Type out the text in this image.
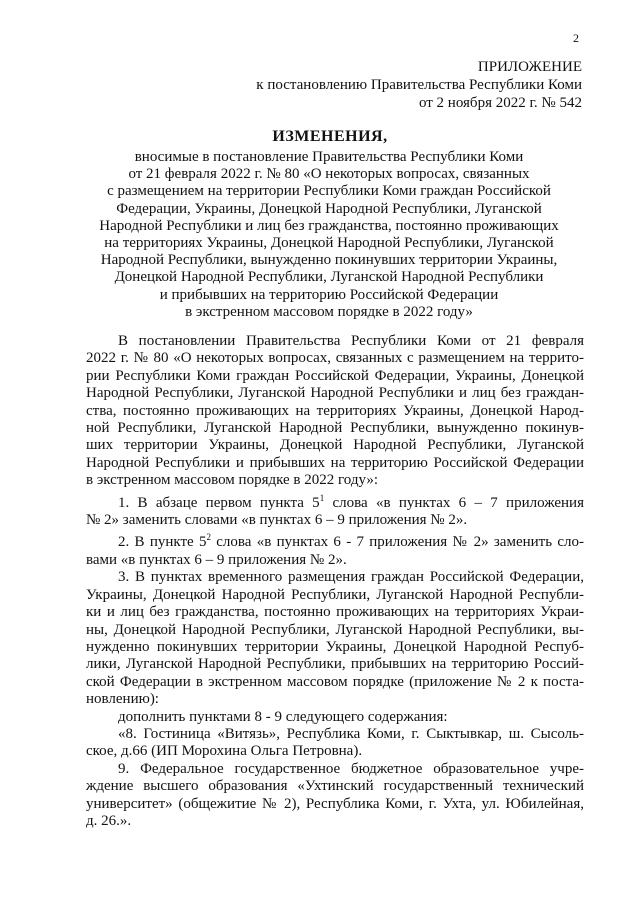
2
ПРИЛОЖЕНИЕ
к постановлению Правительства Республики Коми
от 2 ноября 2022 г. № 542
ИЗМЕНЕНИЯ,
вносимые в постановление Правительства Республики Коми
от 21 февраля 2022 г. № 80 «О некоторых вопросах, связанных
с размещением на территории Республики Коми граждан Российской
Федерации, Украины, Донецкой Народной Республики, Луганской
Народной Республики и лиц без гражданства, постоянно проживающих
на территориях Украины, Донецкой Народной Республики, Луганской
Народной Республики, вынужденно покинувших территории Украины,
Донецкой Народной Республики, Луганской Народной Республики
и прибывших на территорию Российской Федерации
в экстренном массовом порядке в 2022 году»
В постановлении Правительства Республики Коми от 21 февраля
2022 г. № 80 «О некоторых вопросах, связанных с размещением на террито-
рии Республики Коми граждан Российской Федерации, Украины, Донецкой
Народной Республики, Луганской Народной Республики и лиц без граждан-
ства, постоянно проживающих на территориях Украины, Донецкой Народ-
ной Республики, Луганской Народной Республики, вынужденно покинув-
ших территории Украины, Донецкой Народной Республики, Луганской
Народной Республики и прибывших на территорию Российской Федерации
в экстренном массовом порядке в 2022 году»:
1. В абзаце первом пункта $5^1$ слова «в пунктах 6 – 7 приложения
№ 2» заменить словами «в пунктах 6 – 9 приложения № 2».
2. В пункте $5^2$ слова «в пунктах 6 - 7 приложения № 2» заменить сло-
вами «в пунктах 6 – 9 приложения № 2».
3. В пунктах временного размещения граждан Российской Федерации,
Украины, Донецкой Народной Республики, Луганской Народной Республи-
ки и лиц без гражданства, постоянно проживающих на территориях Украи-
ны, Донецкой Народной Республики, Луганской Народной Республики, вы-
нужденно покинувших территории Украины, Донецкой Народной Респуб-
лики, Луганской Народной Республики, прибывших на территорию Россий-
ской Федерации в экстренном массовом порядке (приложение № 2 к поста-
новлению):
дополнить пунктами 8 - 9 следующего содержания:
«8. Гостиница «Витязь», Республика Коми, г. Сыктывкар, ш. Сысоль-
ское, д.66 (ИП Морохина Ольга Петровна).
9. Федеральное государственное бюджетное образовательное учре-
ждение высшего образования «Ухтинский государственный технический
университет» (общежитие № 2), Республика Коми, г. Ухта, ул. Юбилейная,
д. 26.».
